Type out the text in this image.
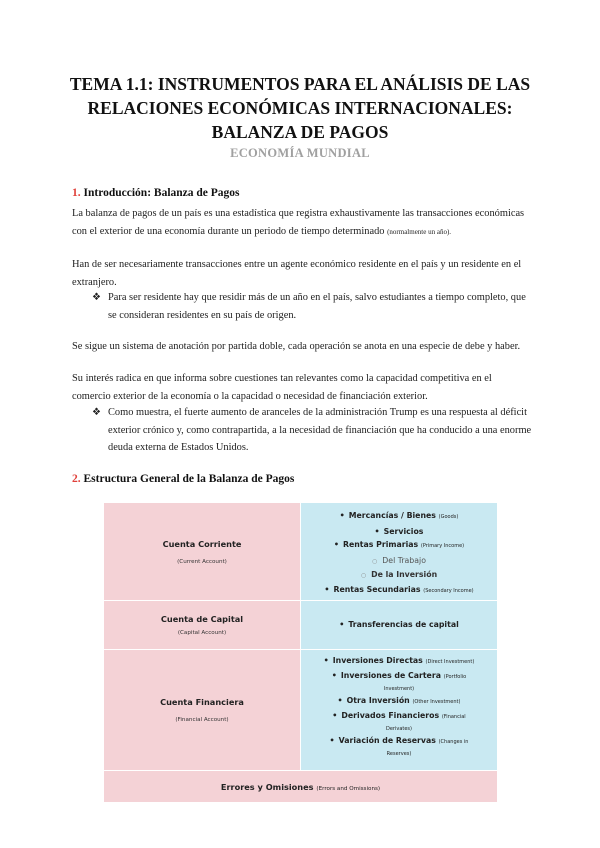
TEMA 1.1: INSTRUMENTOS PARA EL ANÁLISIS DE LAS
RELACIONES ECONÓMICAS INTERNACIONALES:
BALANZA DE PAGOS
ECONOMÍA MUNDIAL
1. Introducción: Balanza de Pagos
La balanza de pagos de un país es una estadística que registra exhaustivamente las transacciones económicas con el exterior de una economía durante un periodo de tiempo determinado (normalmente un año).
Han de ser necesariamente transacciones entre un agente económico residente en el país y un residente en el extranjero.
❖ Para ser residente hay que residir más de un año en el país, salvo estudiantes a tiempo completo, que se consideran residentes en su país de origen.
Se sigue un sistema de anotación por partida doble, cada operación se anota en una especie de debe y haber.
Su interés radica en que informa sobre cuestiones tan relevantes como la capacidad competitiva en el comercio exterior de la economía o la capacidad o necesidad de financiación exterior.
❖ Como muestra, el fuerte aumento de aranceles de la administración Trump es una respuesta al déficit exterior crónico y, como contrapartida, a la necesidad de financiación que ha conducido a una enorme deuda externa de Estados Unidos.
2. Estructura General de la Balanza de Pagos
Cuenta Corriente
(Current Account)
• Mercancías / Bienes (Goods)
• Servicios
• Rentas Primarias (Primary Income)
○ Del Trabajo
○ De la Inversión
• Rentas Secundarias (Secondary Income)
Cuenta de Capital
(Capital Account)
• Transferencias de capital
Cuenta Financiera
(Financial Account)
• Inversiones Directas (Direct Investment)
• Inversiones de Cartera (Portfolio
Investment)
• Otra Inversión (Other Investment)
• Derivados Financieros (Financial
Derivates)
• Variación de Reservas (Changes in
Reserves)
Errores y Omisiones (Errors and Omissions)
